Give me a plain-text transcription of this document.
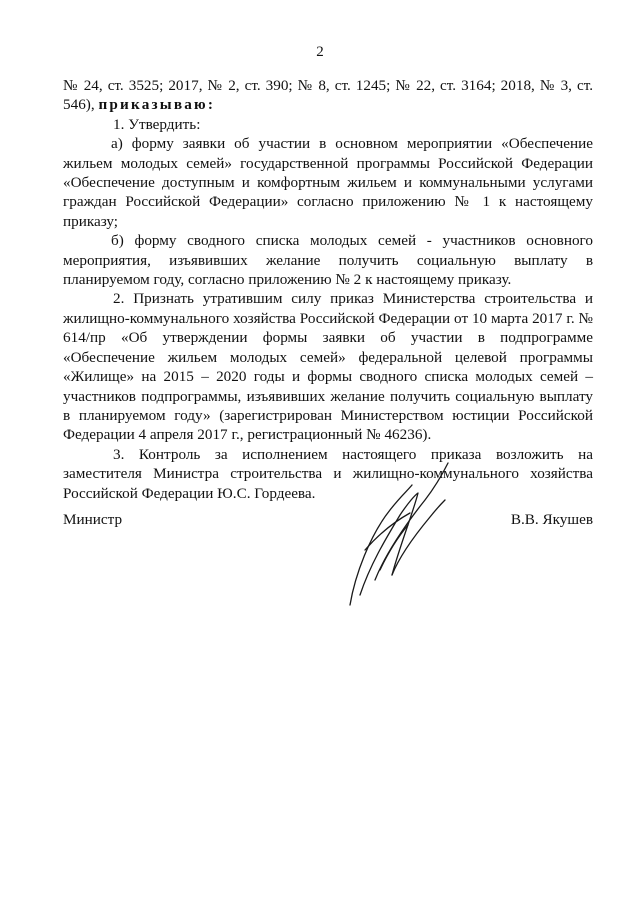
2

№ 24, ст. 3525; 2017, № 2, ст. 390; № 8, ст. 1245; № 22, ст. 3164; 2018, № 3, ст. 546), приказываю:

1. Утвердить:

а) форму заявки об участии в основном мероприятии «Обеспечение жильем молодых семей» государственной программы Российской Федерации «Обеспечение доступным и комфортным жильем и коммунальными услугами граждан Российской Федерации» согласно приложению № 1 к настоящему приказу;

б) форму сводного списка молодых семей - участников основного мероприятия, изъявивших желание получить социальную выплату в планируемом году, согласно приложению № 2 к настоящему приказу.

2. Признать утратившим силу приказ Министерства строительства и жилищно-коммунального хозяйства Российской Федерации от 10 марта 2017 г. № 614/пр «Об утверждении формы заявки об участии в подпрограмме «Обеспечение жильем молодых семей» федеральной целевой программы «Жилище» на 2015 – 2020 годы и формы сводного списка молодых семей – участников подпрограммы, изъявивших желание получить социальную выплату в планируемом году» (зарегистрирован Министерством юстиции Российской Федерации 4 апреля 2017 г., регистрационный № 46236).

3. Контроль за исполнением настоящего приказа возложить на заместителя Министра строительства и жилищно-коммунального хозяйства Российской Федерации Ю.С. Гордеева.

Министр	В.В. Якушев
